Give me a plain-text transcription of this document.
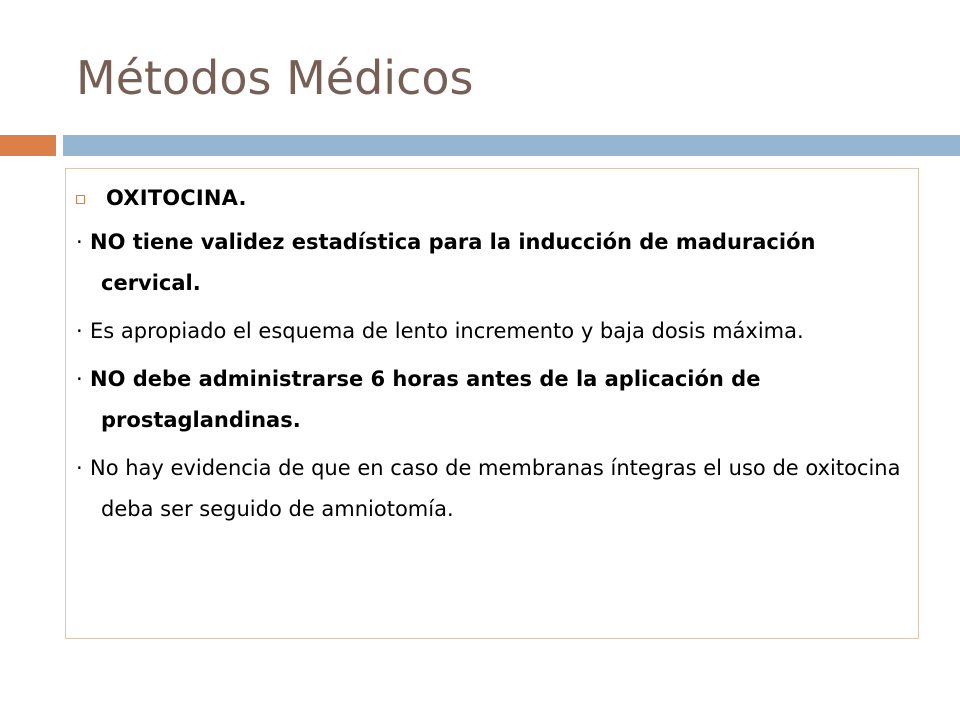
Métodos Médicos
OXITOCINA.
· NO tiene validez estadística para la inducción de maduración cervical.
· Es apropiado el esquema de lento incremento y baja dosis máxima.
· NO debe administrarse 6 horas antes de la aplicación de prostaglandinas.
· No hay evidencia de que en caso de membranas íntegras el uso de oxitocina deba ser seguido de amniotomía.
